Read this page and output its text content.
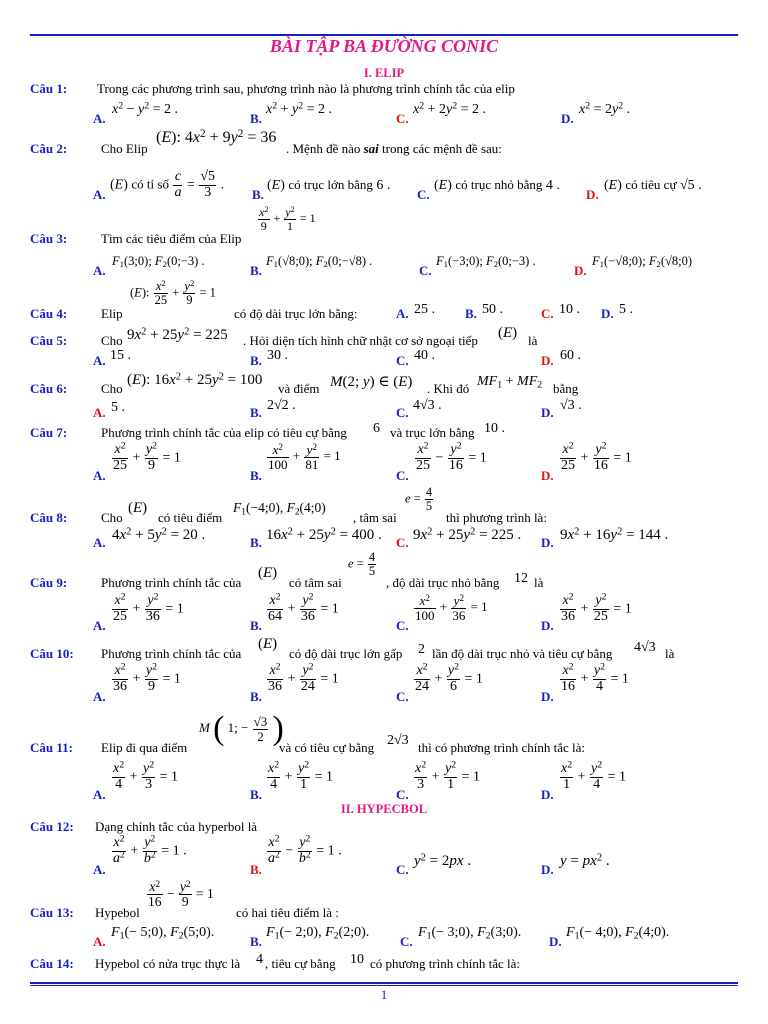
BÀI TẬP BA ĐƯỜNG CONIC
I. ELIP
Câu 1: Trong các phương trình sau, phương trình nào là phương trình chính tắc của elip
A.
$x^2 - y^2 = 2$ .
B.
$x^2 + y^2 = 2$ .
C.
$x^2 + 2y^2 = 2$ .
D.
$x^2 = 2y^2$ .
Câu 2:	Cho Elip
(E): $4x^2 + 9y^2 = 36$
. Mệnh đề nào sai trong các mệnh đề sau:
A.
(E) có tỉ số $\frac{c}{a} = \frac{√5}{3}$ .
B.
(E) có trục lớn bằng 6 .
C.
(E) có trục nhỏ bằng 4 .
D.
(E) có tiêu cự √5 .
Câu 3:	Tìm các tiêu điểm của Elip
$\frac{x^2}{9} + \frac{y^2}{1} = 1$
A.
$F_1(3;0)$; $F_2(0;-3)$ .
B.
$F_1(√8;0)$; $F_2(0;-√8)$ .
C.
$F_1(-3;0)$; $F_2(0;-3)$ .
D.
$F_1(-√8;0)$; $F_2(√8;0)$
Câu 4:	Elip
(E): $\frac{x^2}{25} + \frac{y^2}{9} = 1$
có độ dài trục lớn bằng:	A. 25 . B. 50 .	C. 10 . D. 5 .
Câu 5:	Cho $9x^2 + 25y^2 = 225$ . Hỏi diện tích hình chữ nhật cơ sở ngoại tiếp (E) là
A. 15 .	B. 30 .	C. 40 .	D. 60 .
Câu 6:	Cho
(E): $16x^2 + 25y^2 = 100$
và điểm M(2; y) ∈ (E) . Khi đó $MF_1 + MF_2$ bằng
A. 5 .	B. 2√2 .	C. 4√3 .	D. √3 .
Câu 7:	Phương trình chính tắc của elip có tiêu cự bằng 6 và trục lớn bằng 10 .
A.
$\frac{x^2}{25} + \frac{y^2}{9} = 1$
B.
$\frac{x^2}{100} + \frac{y^2}{81} = 1$
C.
$\frac{x^2}{25} - \frac{y^2}{16} = 1$
D.
$\frac{x^2}{25} + \frac{y^2}{16} = 1$
Câu 8:	Cho
(E)
có tiêu điểm
$F_1(-4;0)$, $F_2(4;0)$
, tâm sai
$e = \frac{4}{5}$
thì phương trình là:
A. $4x^2 + 5y^2 = 20$ .	B. $16x^2 + 25y^2 = 400$ . C. $9x^2 + 25y^2 = 225$ . D. $9x^2 + 16y^2 = 144$ .
Câu 9:	Phương trình chính tắc của
(E)
có tâm sai
$e = \frac{4}{5}$
, độ dài trục nhỏ bằng 12 là
A.
$\frac{x^2}{25} + \frac{y^2}{36} = 1$
B.
$\frac{x^2}{64} + \frac{y^2}{36} = 1$
C.
$\frac{x^2}{100} + \frac{y^2}{36} = 1$
D.
$\frac{x^2}{36} + \frac{y^2}{25} = 1$
Câu 10: Phương trình chính tắc của
(E)
có độ dài trục lớn gấp 2 lần độ dài trục nhỏ và tiêu cự bằng 4√3 là
A.
$\frac{x^2}{36} + \frac{y^2}{9} = 1$
B.
$\frac{x^2}{36} + \frac{y^2}{24} = 1$
C.
$\frac{x^2}{24} + \frac{y^2}{6} = 1$
D.
$\frac{x^2}{16} + \frac{y^2}{4} = 1$
Câu 11: Elip đi qua điểm
M ( 1; − $\frac{√3}{2}$ )
và có tiêu cự bằng 2√3 thì có phương trình chính tắc là:
A.
$\frac{x^2}{4} + \frac{y^2}{3} = 1$
B.
$\frac{x^2}{4} + \frac{y^2}{1} = 1$
C.
$\frac{x^2}{3} + \frac{y^2}{1} = 1$
D.
$\frac{x^2}{1} + \frac{y^2}{4} = 1$
II. HYPECBOL
Câu 12: Dạng chính tắc của hyperbol là
A.
$\frac{x^2}{a^2} + \frac{y^2}{b^2} = 1$ .
B.
$\frac{x^2}{a^2} - \frac{y^2}{b^2} = 1$ .
C.
$y^2 = 2px$ .
D.
$y = px^2$ .
Câu 13: Hypebol
$\frac{x^2}{16} - \frac{y^2}{9} = 1$
có hai tiêu điểm là :
A.
$F_1(-$ 5;0), $F_2(5;0)$.
B.
$F_1(-$ 2;0), $F_2(2;0)$.
C.
$F_1(-$ 3;0), $F_2(3;0)$.
D.
$F_1(-$ 4;0), $F_2(4;0)$.
Câu 14: Hypebol có nửa trục thực là 4 , tiêu cự bằng 10 có phương trình chính tắc là:
1
